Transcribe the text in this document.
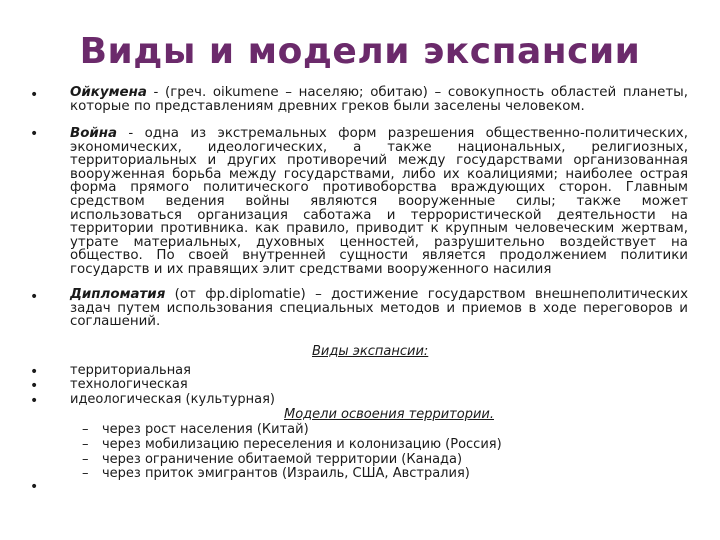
Виды и модели экспансии
• Ойкумена - (греч. oikumene – населяю; обитаю) – совокупность областей планеты, которые по представлениям древних греков были заселены человеком.
• Война - одна из экстремальных форм разрешения общественно-политических, экономических, идеологических, а также национальных, религиозных, территориальных и других противоречий между государствами организованная вооруженная борьба между государствами, либо их коалициями; наиболее острая форма прямого политического противоборства враждующих сторон. Главным средством ведения войны являются вооруженные силы; также может использоваться организация саботажа и террористической деятельности на территории противника. как правило, приводит к крупным человеческим жертвам, утрате материальных, духовных ценностей, разрушительно воздействует на общество. По своей внутренней сущности является продолжением политики государств и их правящих элит средствами вооруженного насилия
• Дипломатия (от фр.diplomatie) – достижение государством внешнеполитических задач путем использования специальных методов и приемов в ходе переговоров и соглашений.
Виды экспансии:
• территориальная
• технологическая
• идеологическая (культурная)
Модели освоения территории.
– через рост населения (Китай)
– через мобилизацию переселения и колонизацию (Россия)
– через ограничение обитаемой территории (Канада)
– через приток эмигрантов (Израиль, США, Австралия)
•
